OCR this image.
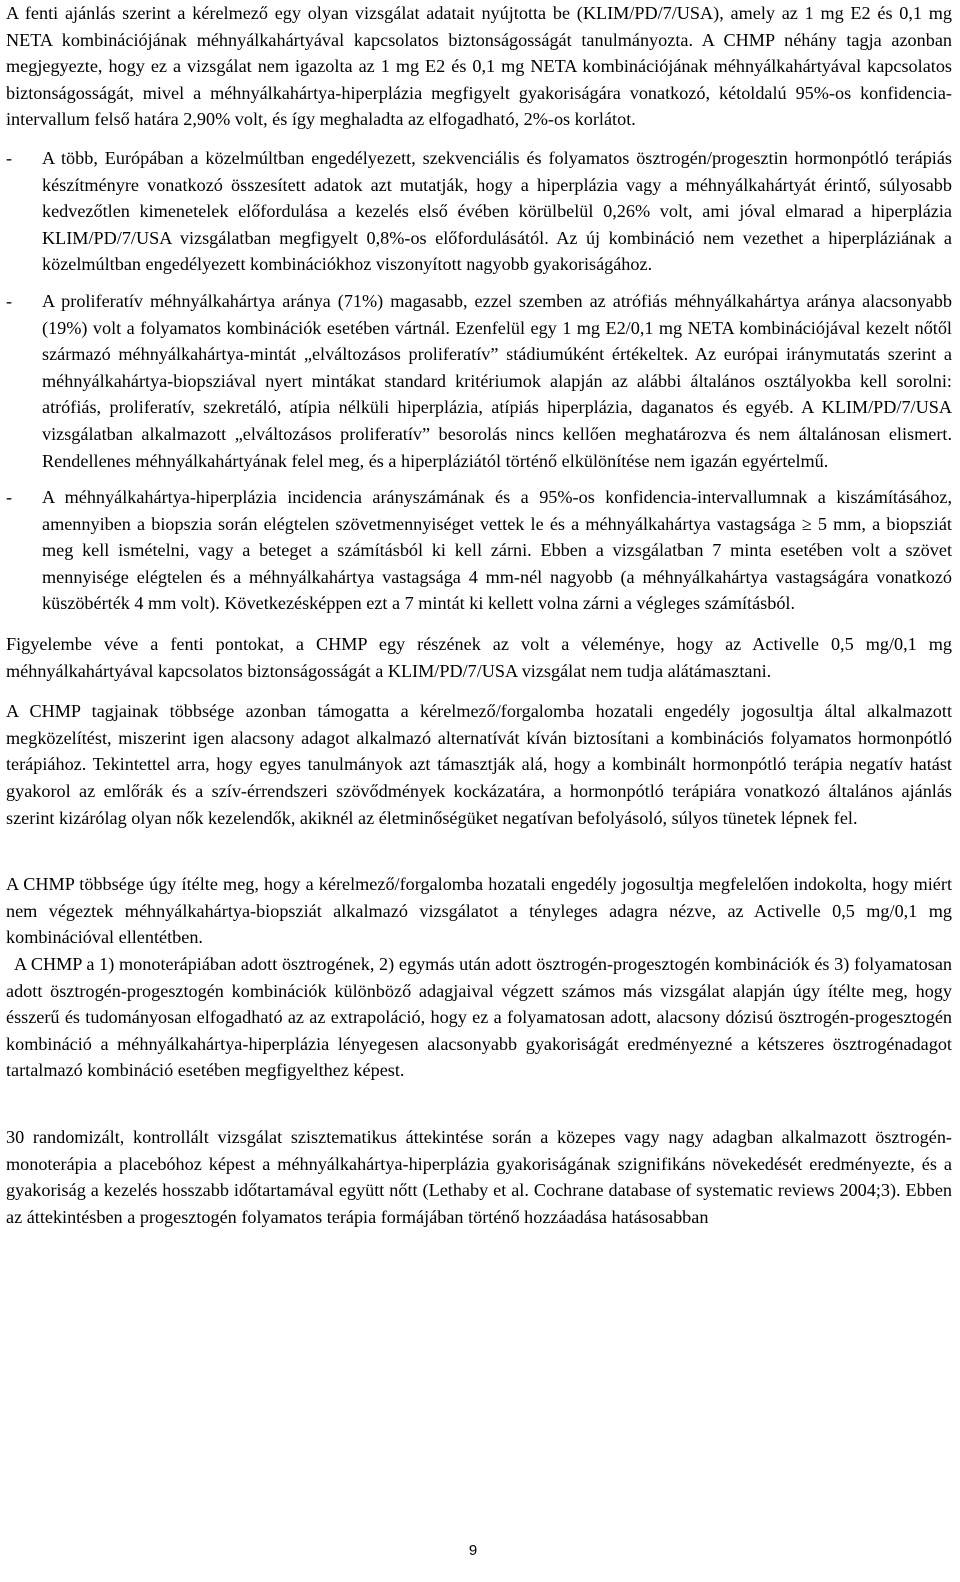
A fenti ajánlás szerint a kérelmező egy olyan vizsgálat adatait nyújtotta be (KLIM/PD/7/USA), amely az 1 mg E2 és 0,1 mg NETA kombinációjának méhnyálkahártyával kapcsolatos biztonságosságát tanulmányozta. A CHMP néhány tagja azonban megjegyezte, hogy ez a vizsgálat nem igazolta az 1 mg E2 és 0,1 mg NETA kombinációjának méhnyálkahártyával kapcsolatos biztonságosságát, mivel a méhnyálkahártya-hiperplázia megfigyelt gyakoriságára vonatkozó, kétoldalú 95%-os konfidencia-intervallum felső határa 2,90% volt, és így meghaladta az elfogadható, 2%-os korlátot.

- A több, Európában a közelmúltban engedélyezett, szekvenciális és folyamatos ösztrogén/progesztin hormonpótló terápiás készítményre vonatkozó összesített adatok azt mutatják, hogy a hiperplázia vagy a méhnyálkahártyát érintő, súlyosabb kedvezőtlen kimenetelek előfordulása a kezelés első évében körülbelül 0,26% volt, ami jóval elmarad a hiperplázia KLIM/PD/7/USA vizsgálatban megfigyelt 0,8%-os előfordulásától. Az új kombináció nem vezethet a hiperpláziának a közelmúltban engedélyezett kombinációkhoz viszonyított nagyobb gyakoriságához.

- A proliferatív méhnyálkahártya aránya (71%) magasabb, ezzel szemben az atrófiás méhnyálkahártya aránya alacsonyabb (19%) volt a folyamatos kombinációk esetében vártnál. Ezenfelül egy 1 mg E2/0,1 mg NETA kombinációjával kezelt nőtől származó méhnyálkahártya-mintát „elváltozásos proliferatív” stádiumúként értékeltek. Az európai iránymutatás szerint a méhnyálkahártya-biopsziával nyert mintákat standard kritériumok alapján az alábbi általános osztályokba kell sorolni: atrófiás, proliferatív, szekretáló, atípia nélküli hiperplázia, atípiás hiperplázia, daganatos és egyéb. A KLIM/PD/7/USA vizsgálatban alkalmazott „elváltozásos proliferatív” besorolás nincs kellően meghatározva és nem általánosan elismert. Rendellenes méhnyálkahártyának felel meg, és a hiperpláziától történő elkülönítése nem igazán egyértelmű.

- A méhnyálkahártya-hiperplázia incidencia arányszámának és a 95%-os konfidencia-intervallumnak a kiszámításához, amennyiben a biopszia során elégtelen szövetmennyiséget vettek le és a méhnyálkahártya vastagsága ≥ 5 mm, a biopsziát meg kell ismételni, vagy a beteget a számításból ki kell zárni. Ebben a vizsgálatban 7 minta esetében volt a szövet mennyisége elégtelen és a méhnyálkahártya vastagsága 4 mm-nél nagyobb (a méhnyálkahártya vastagságára vonatkozó küszöbérték 4 mm volt). Következésképpen ezt a 7 mintát ki kellett volna zárni a végleges számításból.

Figyelembe véve a fenti pontokat, a CHMP egy részének az volt a véleménye, hogy az Activelle 0,5 mg/0,1 mg méhnyálkahártyával kapcsolatos biztonságosságát a KLIM/PD/7/USA vizsgálat nem tudja alátámasztani.

A CHMP tagjainak többsége azonban támogatta a kérelmező/forgalomba hozatali engedély jogosultja által alkalmazott megközelítést, miszerint igen alacsony adagot alkalmazó alternatívát kíván biztosítani a kombinációs folyamatos hormonpótló terápiához. Tekintettel arra, hogy egyes tanulmányok azt támasztják alá, hogy a kombinált hormonpótló terápia negatív hatást gyakorol az emlőrák és a szív-érrendszeri szövődmények kockázatára, a hormonpótló terápiára vonatkozó általános ajánlás szerint kizárólag olyan nők kezelendők, akiknél az életminőségüket negatívan befolyásoló, súlyos tünetek lépnek fel.

A CHMP többsége úgy ítélte meg, hogy a kérelmező/forgalomba hozatali engedély jogosultja megfelelően indokolta, hogy miért nem végeztek méhnyálkahártya-biopsziát alkalmazó vizsgálatot a tényleges adagra nézve, az Activelle 0,5 mg/0,1 mg kombinációval ellentétben.

A CHMP a 1) monoterápiában adott ösztrogének, 2) egymás után adott ösztrogén-progesztogén kombinációk és 3) folyamatosan adott ösztrogén-progesztogén kombinációk különböző adagjaival végzett számos más vizsgálat alapján úgy ítélte meg, hogy ésszerű és tudományosan elfogadható az az extrapoláció, hogy ez a folyamatosan adott, alacsony dózisú ösztrogén-progesztogén kombináció a méhnyálkahártya-hiperplázia lényegesen alacsonyabb gyakoriságát eredményezné a kétszeres ösztrogénadagot tartalmazó kombináció esetében megfigyelthez képest.

30 randomizált, kontrollált vizsgálat szisztematikus áttekintése során a közepes vagy nagy adagban alkalmazott ösztrogén-monoterápia a placebóhoz képest a méhnyálkahártya-hiperplázia gyakoriságának szignifikáns növekedését eredményezte, és a gyakoriság a kezelés hosszabb időtartamával együtt nőtt (Lethaby et al. Cochrane database of systematic reviews 2004;3). Ebben az áttekintésben a progesztogén folyamatos terápia formájában történő hozzáadása hatásosabban

9
